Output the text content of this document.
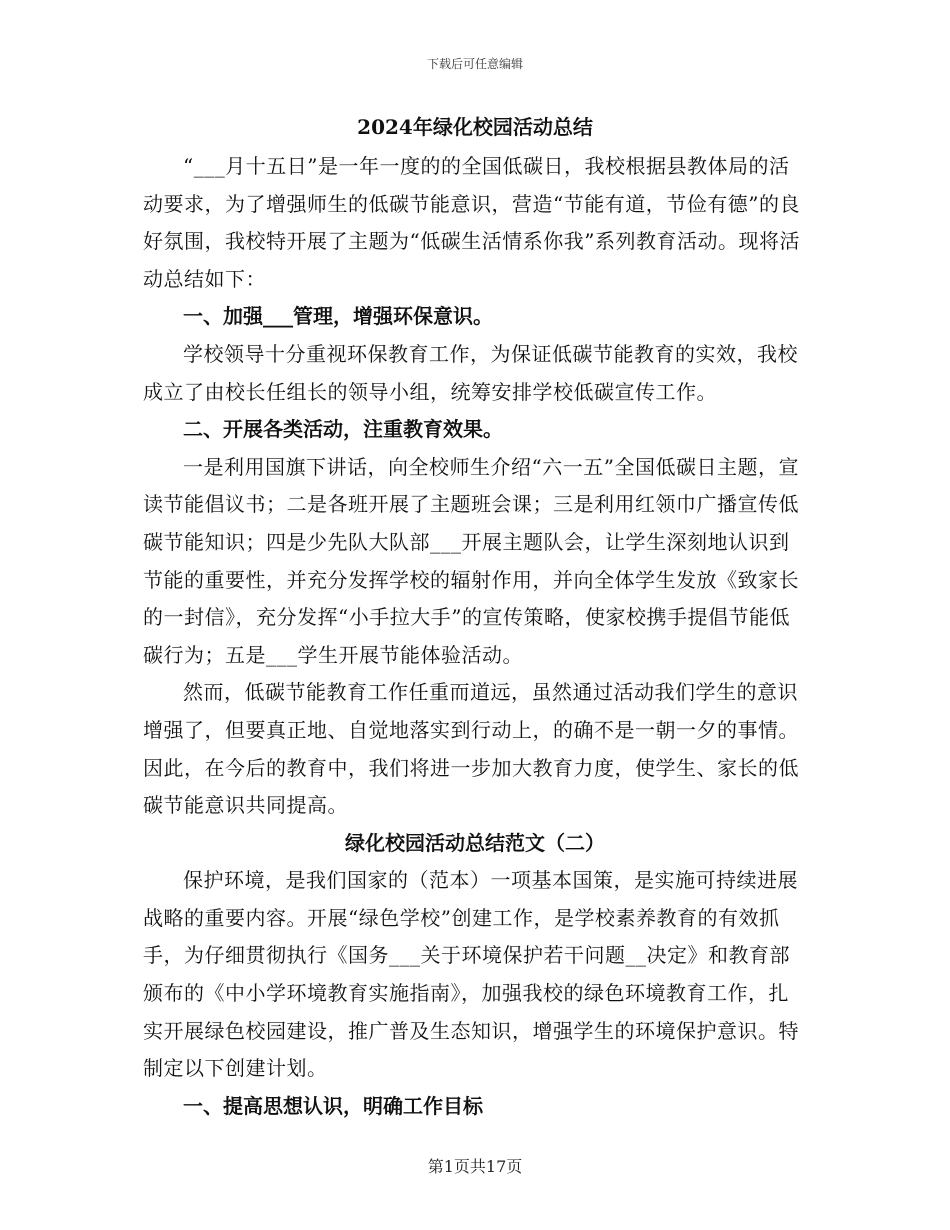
下载后可任意编辑
2024年绿化校园活动总结

“___月十五日”是一年一度的的全国低碳日，我校根据县教体局的活动要求，为了增强师生的低碳节能意识，营造“节能有道，节俭有德”的良好氛围，我校特开展了主题为“低碳生活情系你我”系列教育活动。现将活动总结如下：

一、加强___管理，增强环保意识。

学校领导十分重视环保教育工作，为保证低碳节能教育的实效，我校成立了由校长任组长的领导小组，统筹安排学校低碳宣传工作。

二、开展各类活动，注重教育效果。

一是利用国旗下讲话，向全校师生介绍“六一五”全国低碳日主题，宣读节能倡议书；二是各班开展了主题班会课；三是利用红领巾广播宣传低碳节能知识；四是少先队大队部___开展主题队会，让学生深刻地认识到节能的重要性，并充分发挥学校的辐射作用，并向全体学生发放《致家长的一封信》，充分发挥“小手拉大手”的宣传策略，使家校携手提倡节能低碳行为；五是___学生开展节能体验活动。

然而，低碳节能教育工作任重而道远，虽然通过活动我们学生的意识增强了，但要真正地、自觉地落实到行动上，的确不是一朝一夕的事情。因此，在今后的教育中，我们将进一步加大教育力度，使学生、家长的低碳节能意识共同提高。

绿化校园活动总结范文（二）

保护环境，是我们国家的（范本）一项基本国策，是实施可持续进展战略的重要内容。开展“绿色学校”创建工作，是学校素养教育的有效抓手，为仔细贯彻执行《国务___关于环境保护若干问题__决定》和教育部颁布的《中小学环境教育实施指南》，加强我校的绿色环境教育工作，扎实开展绿色校园建设，推广普及生态知识，增强学生的环境保护意识。特制定以下创建计划。

一、提高思想认识，明确工作目标

第1页共17页
